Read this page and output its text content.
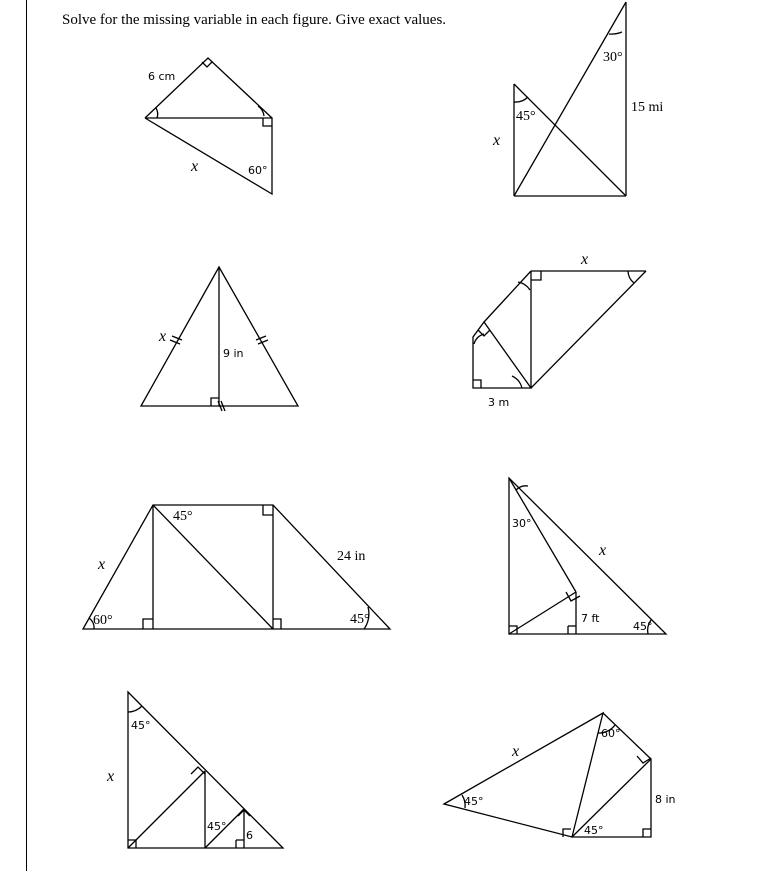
Solve for the missing variable in each figure. Give exact values.
6 cm
x	60°
30°
15 mi
45°
x
x
9 in
x
3 m
45°
x	24 in
60°	45°
30°
x
7 ft
45°
45°
x
45°
6
60°
x
8 in
45°
45°
